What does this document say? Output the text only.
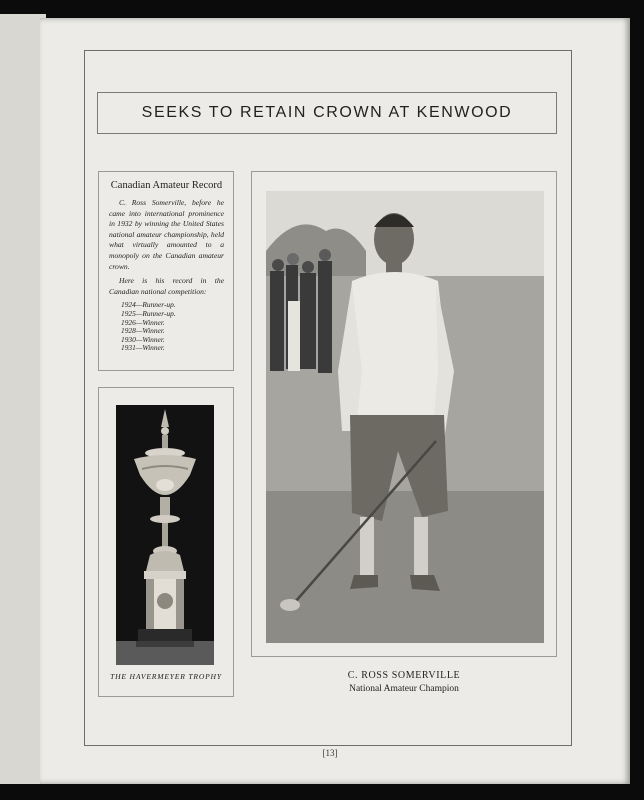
SEEKS TO RETAIN CROWN AT KENWOOD
Canadian Amateur Record

C. Ross Somerville, before he came into international prominence in 1932 by winning the United States national amateur championship, held what virtually amounted to a monopoly on the Canadian amateur crown.

Here is his record in the Canadian national competition:

1924—Runner-up.
1925—Runner-up.
1926—Winner.
1928—Winner.
1930—Winner.
1931—Winner.
THE HAVERMEYER TROPHY	C. ROSS SOMERVILLE
National Amateur Champion
[13]
